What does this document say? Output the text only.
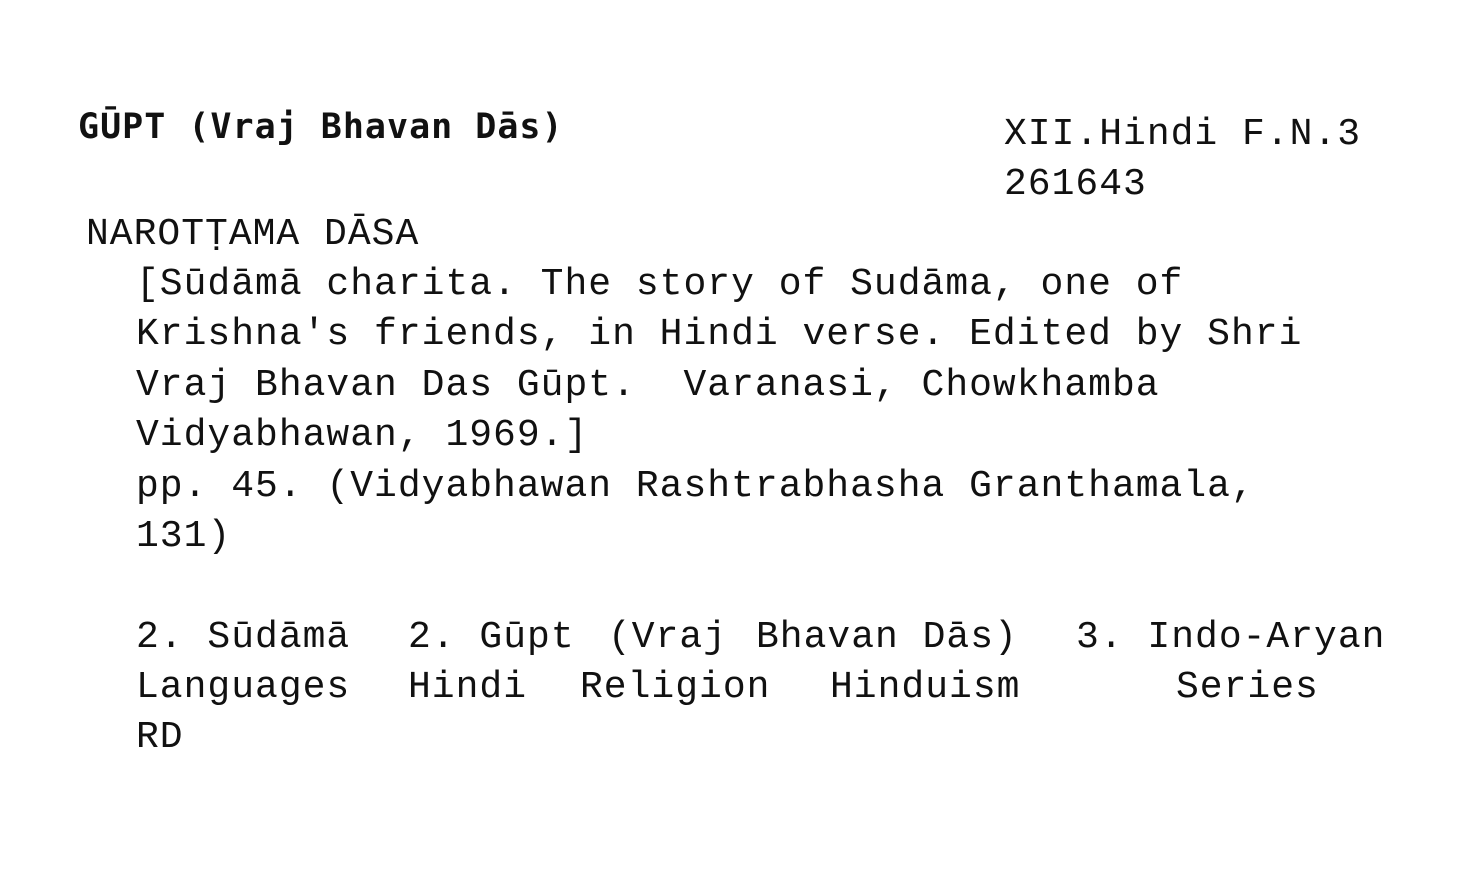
GŪPT (Vraj Bhavan Dās)	XII.Hindi F.N.3
261643
NAROTṬAMA DĀSA
[Sūdāmā charita. The story of Sudāma, one of
Krishna's friends, in Hindi verse. Edited by Shri
Vraj Bhavan Das Gūpt.  Varanasi, Chowkhamba
Vidyabhawan, 1969.]
pp. 45. (Vidyabhawan Rashtrabhasha Granthamala,
131)
2. Sūdāmā
Languages
2. Gūpt
Hindi
(Vraj
Religion
Bhavan Dās)
Hinduism
3. Indo-Aryan
Series
RD
